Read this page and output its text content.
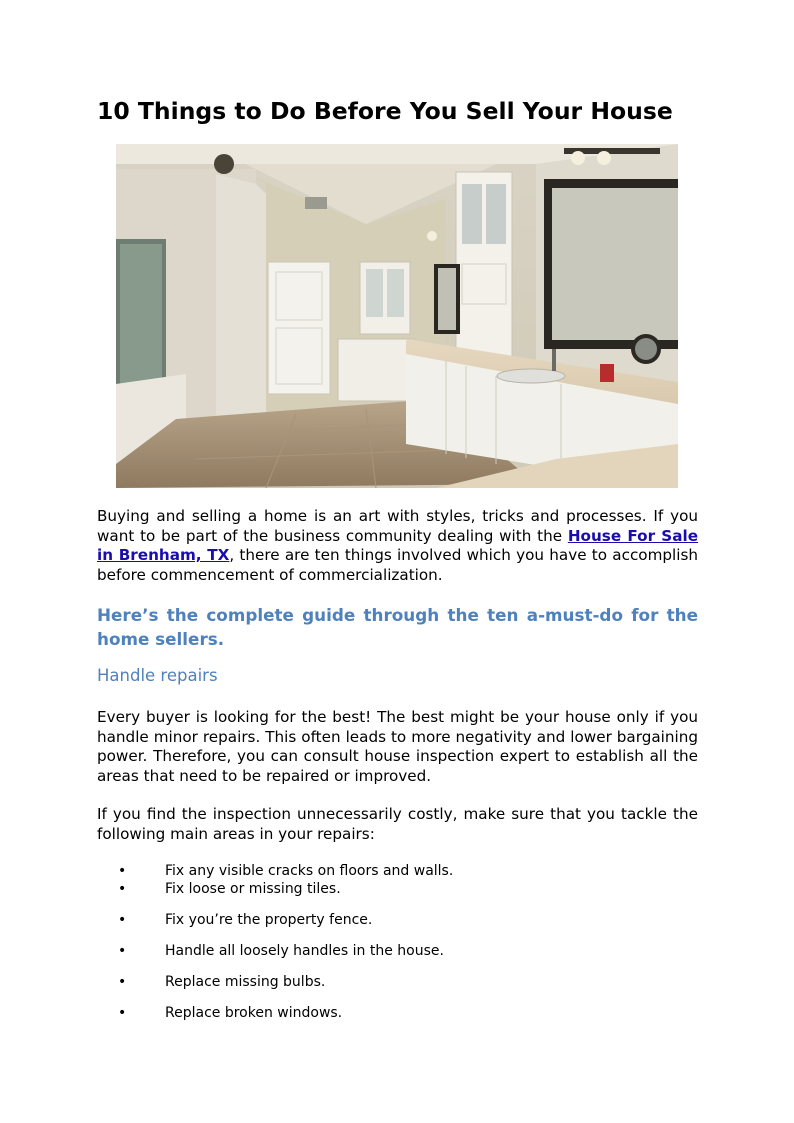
10 Things to Do Before You Sell Your House

Buying and selling a home is an art with styles, tricks and processes. If you want to be part of the business community dealing with the House For Sale in Brenham, TX, there are ten things involved which you have to accomplish before commencement of commercialization.

Here’s the complete guide through the ten a-must-do for the home sellers.
Handle repairs

Every buyer is looking for the best! The best might be your house only if you handle minor repairs. This often leads to more negativity and lower bargaining power. Therefore, you can consult house inspection expert to establish all the areas that need to be repaired or improved.

If you find the inspection unnecessarily costly, make sure that you tackle the following main areas in your repairs:

•	Fix any visible cracks on floors and walls.
•	Fix loose or missing tiles.
•	Fix you’re the property fence.
•	Handle all loosely handles in the house.
•	Replace missing bulbs.
•	Replace broken windows.
